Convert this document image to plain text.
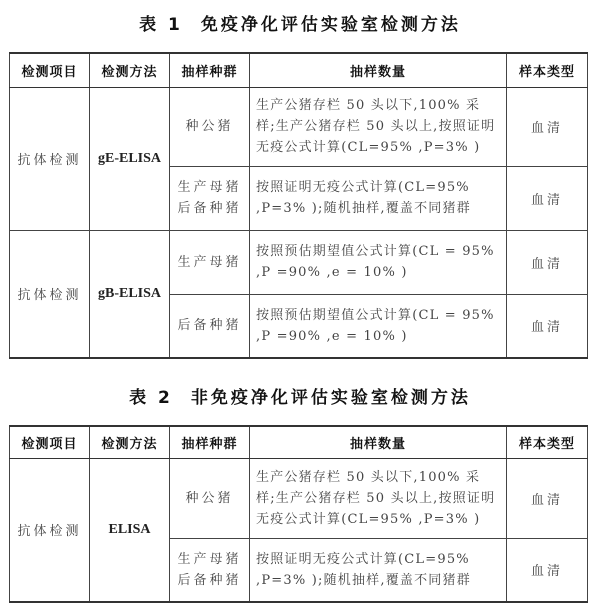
表 1 免疫净化评估实验室检测方法
检测项目	检测方法	抽样种群	抽样数量	样本类型
抗体检测	gE-ELISA	种公猪	生产公猪存栏 50 头以下,100% 采样;生产公猪存栏 50 头以上,按照证明无疫公式计算(CL=95% ,P=3% )	血清
		生产母猪 后备种猪	按照证明无疫公式计算(CL=95% ,P=3% );随机抽样,覆盖不同猪群	血清
抗体检测	gB-ELISA	生产母猪	按照预估期望值公式计算(CL = 95% ,P =90% ,e = 10% )	血清
		后备种猪	按照预估期望值公式计算(CL = 95% ,P =90% ,e = 10% )	血清
表 2 非免疫净化评估实验室检测方法
检测项目	检测方法	抽样种群	抽样数量	样本类型
抗体检测	ELISA	种公猪	生产公猪存栏 50 头以下,100% 采样;生产公猪存栏 50 头以上,按照证明无疫公式计算(CL=95% ,P=3% )	血清
		生产母猪 后备种猪	按照证明无疫公式计算(CL=95% ,P=3% );随机抽样,覆盖不同猪群	血清
